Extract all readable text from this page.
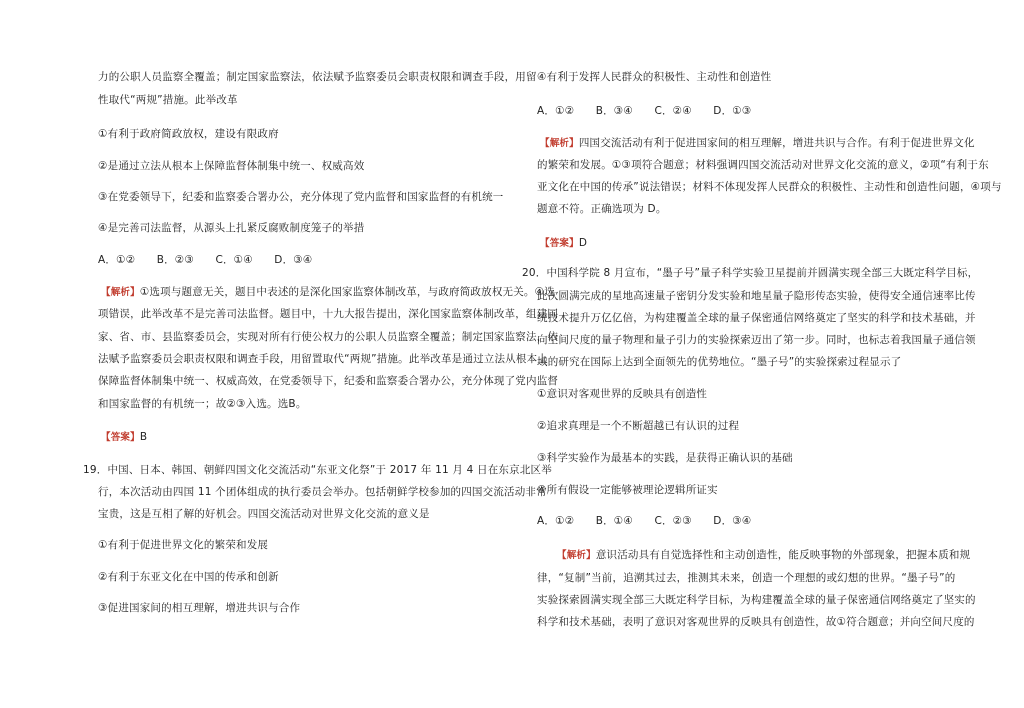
力的公职人员监察全覆盖；制定国家监察法，依法赋予监察委员会职责权限和调查手段，用留
性取代“两规”措施。此举改革
①有利于政府简政放权，建设有限政府
②是通过立法从根本上保障监督体制集中统一、权威高效
③在党委领导下，纪委和监察委合署办公，充分体现了党内监督和国家监督的有机统一
④是完善司法监督，从源头上扎紧反腐败制度笼子的举措
A．①②　　B．②③　　C．①④　　D．③④
【解析】①选项与题意无关，题目中表述的是深化国家监察体制改革，与政府简政放权无关。④选
项错误，此举改革不是完善司法监督。题目中，十九大报告提出，深化国家监察体制改革，组建国
家、省、市、县监察委员会，实现对所有行使公权力的公职人员监察全覆盖；制定国家监察法，依
法赋予监察委员会职责权限和调查手段，用留置取代“两规”措施。此举改革是通过立法从根本上
保障监督体制集中统一、权威高效，在党委领导下，纪委和监察委合署办公，充分体现了党内监督
和国家监督的有机统一；故②③入选。选B。
【答案】B
19．中国、日本、韩国、朝鲜四国文化交流活动“东亚文化祭”于 2017 年 11 月 4 日在东京北区举
行，本次活动由四国 11 个团体组成的执行委员会举办。包括朝鲜学校参加的四国交流活动非常
宝贵，这是互相了解的好机会。四国交流活动对世界文化交流的意义是
①有利于促进世界文化的繁荣和发展
②有利于东亚文化在中国的传承和创新
③促进国家间的相互理解，增进共识与合作
④有利于发挥人民群众的积极性、主动性和创造性
A．①②　　B．③④　　C．②④　　D．①③
【解析】四国交流活动有利于促进国家间的相互理解，增进共识与合作。有利于促进世界文化
的繁荣和发展。①③项符合题意；材料强调四国交流活动对世界文化交流的意义，②项“有利于东
亚文化在中国的传承”说法错误；材料不体现发挥人民群众的积极性、主动性和创造性问题，④项与
题意不符。正确选项为 D。
【答案】D
20．中国科学院 8 月宣布，“墨子号”量子科学实验卫星提前并圆满实现全部三大既定科学目标，
此次圆满完成的星地高速量子密钥分发实验和地星量子隐形传态实验，使得安全通信速率比传
统技术提升万亿亿倍，为构建覆盖全球的量子保密通信网络奠定了坚实的科学和技术基础，并
向空间尺度的量子物理和量子引力的实验探索迈出了第一步。同时，也标志着我国量子通信领
域的研究在国际上达到全面领先的优势地位。“墨子号”的实验探索过程显示了
①意识对客观世界的反映具有创造性
②追求真理是一个不断超越已有认识的过程
③科学实验作为最基本的实践，是获得正确认识的基础
④所有假设一定能够被理论逻辑所证实
A．①②　　B．①④　　C．②③　　D．③④
【解析】意识活动具有自觉选择性和主动创造性，能反映事物的外部现象，把握本质和规
律，“复制”当前，追溯其过去，推测其未来，创造一个理想的或幻想的世界。“墨子号”的
实验探索圆满实现全部三大既定科学目标，为构建覆盖全球的量子保密通信网络奠定了坚实的
科学和技术基础，表明了意识对客观世界的反映具有创造性，故①符合题意；并向空间尺度的
